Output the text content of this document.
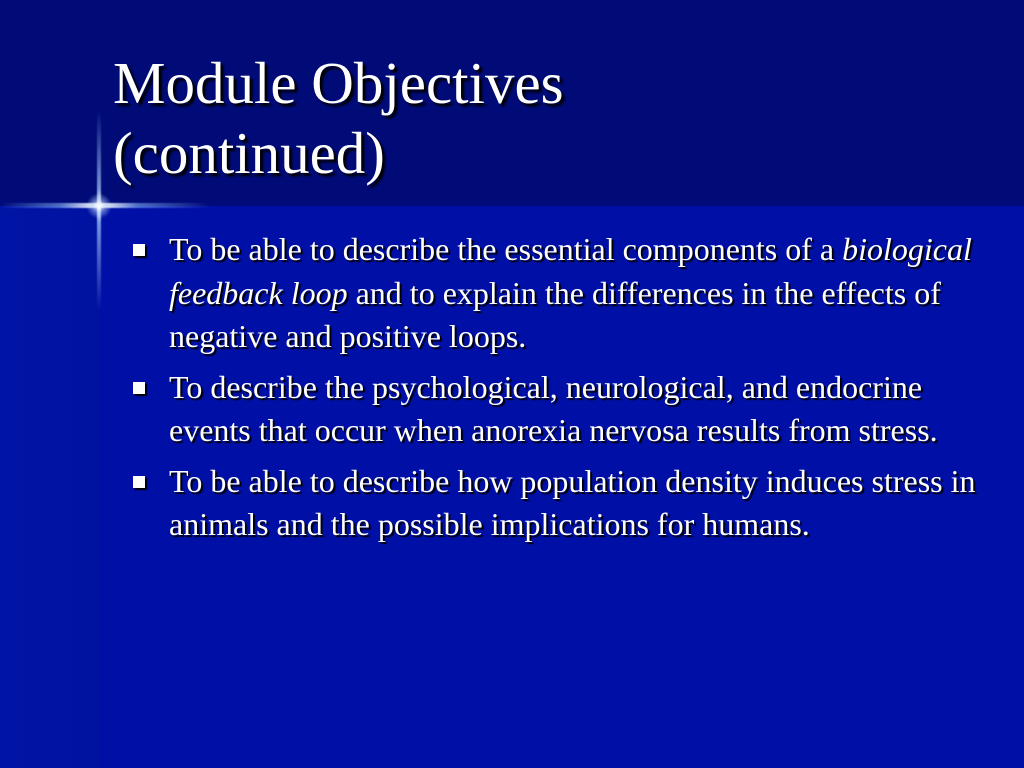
Module Objectives
(continued)
To be able to describe the essential components of a biological feedback loop and to explain the differences in the effects of negative and positive loops.
To describe the psychological, neurological, and endocrine events that occur when anorexia nervosa results from stress.
To be able to describe how population density induces stress in animals and the possible implications for humans.
